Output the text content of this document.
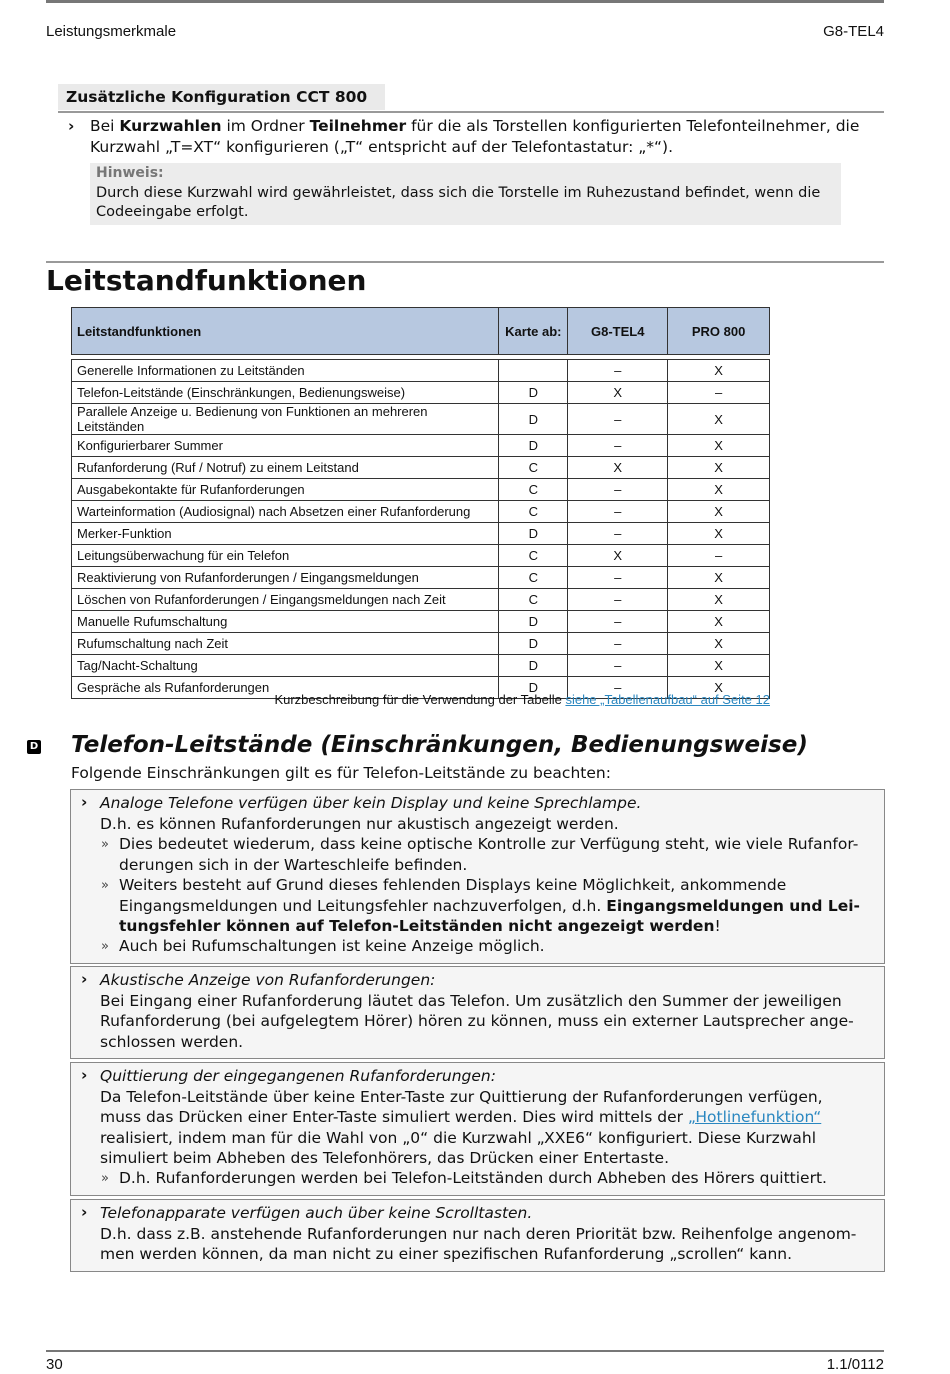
Leistungsmerkmale	G8-TEL4
Zusätzliche Konfiguration CCT 800
› Bei Kurzwahlen im Ordner Teilnehmer für die als Torstellen konfigurierten Telefonteilnehmer, die
Kurzwahl „T=XT“ konfigurieren („T“ entspricht auf der Telefontastatur: „*“).
Hinweis:
Durch diese Kurzwahl wird gewährleistet, dass sich die Torstelle im Ruhezustand befindet, wenn die
Codeeingabe erfolgt.
Leitstandfunktionen
Leitstandfunktionen	Karte ab:	G8-TEL4	PRO 800

Generelle Informationen zu Leitständen		–	X
Telefon-Leitstände (Einschränkungen, Bedienungsweise)	D	X	–
Parallele Anzeige u. Bedienung von Funktionen an mehreren Leitständen	D	–	X
Konfigurierbarer Summer	D	–	X
Rufanforderung (Ruf / Notruf) zu einem Leitstand	C	X	X
Ausgabekontakte für Rufanforderungen	C	–	X
Warteinformation (Audiosignal) nach Absetzen einer Rufanforderung	C	–	X
Merker-Funktion	D	–	X
Leitungsüberwachung für ein Telefon	C	X	–
Reaktivierung von Rufanforderungen / Eingangsmeldungen	C	–	X
Löschen von Rufanforderungen / Eingangsmeldungen nach Zeit	C	–	X
Manuelle Rufumschaltung	D	–	X
Rufumschaltung nach Zeit	D	–	X
Tag/Nacht-Schaltung	D	–	X
Gespräche als Rufanforderungen	D	–	X
Kurzbeschreibung für die Verwendung der Tabelle siehe „Tabellenaufbau“ auf Seite 12
D Telefon-Leitstände (Einschränkungen, Bedienungsweise)
Folgende Einschränkungen gilt es für Telefon-Leitstände zu beachten:
› Analoge Telefone verfügen über kein Display und keine Sprechlampe.
D.h. es können Rufanforderungen nur akustisch angezeigt werden.
» Dies bedeutet wiederum, dass keine optische Kontrolle zur Verfügung steht, wie viele Rufanfor-
derungen sich in der Warteschleife befinden.
» Weiters besteht auf Grund dieses fehlenden Displays keine Möglichkeit, ankommende
Eingangsmeldungen und Leitungsfehler nachzuverfolgen, d.h. Eingangsmeldungen und Lei-
tungsfehler können auf Telefon-Leitständen nicht angezeigt werden!
» Auch bei Rufumschaltungen ist keine Anzeige möglich.
› Akustische Anzeige von Rufanforderungen:
Bei Eingang einer Rufanforderung läutet das Telefon. Um zusätzlich den Summer der jeweiligen
Rufanforderung (bei aufgelegtem Hörer) hören zu können, muss ein externer Lautsprecher ange-
schlossen werden.
› Quittierung der eingegangenen Rufanforderungen:
Da Telefon-Leitstände über keine Enter-Taste zur Quittierung der Rufanforderungen verfügen,
muss das Drücken einer Enter-Taste simuliert werden. Dies wird mittels der „Hotlinefunktion“
realisiert, indem man für die Wahl von „0“ die Kurzwahl „XXE6“ konfiguriert. Diese Kurzwahl
simuliert beim Abheben des Telefonhörers, das Drücken einer Entertaste.
» D.h. Rufanforderungen werden bei Telefon-Leitständen durch Abheben des Hörers quittiert.
› Telefonapparate verfügen auch über keine Scrolltasten.
D.h. dass z.B. anstehende Rufanforderungen nur nach deren Priorität bzw. Reihenfolge angenom-
men werden können, da man nicht zu einer spezifischen Rufanforderung „scrollen“ kann.
30	1.1/0112
